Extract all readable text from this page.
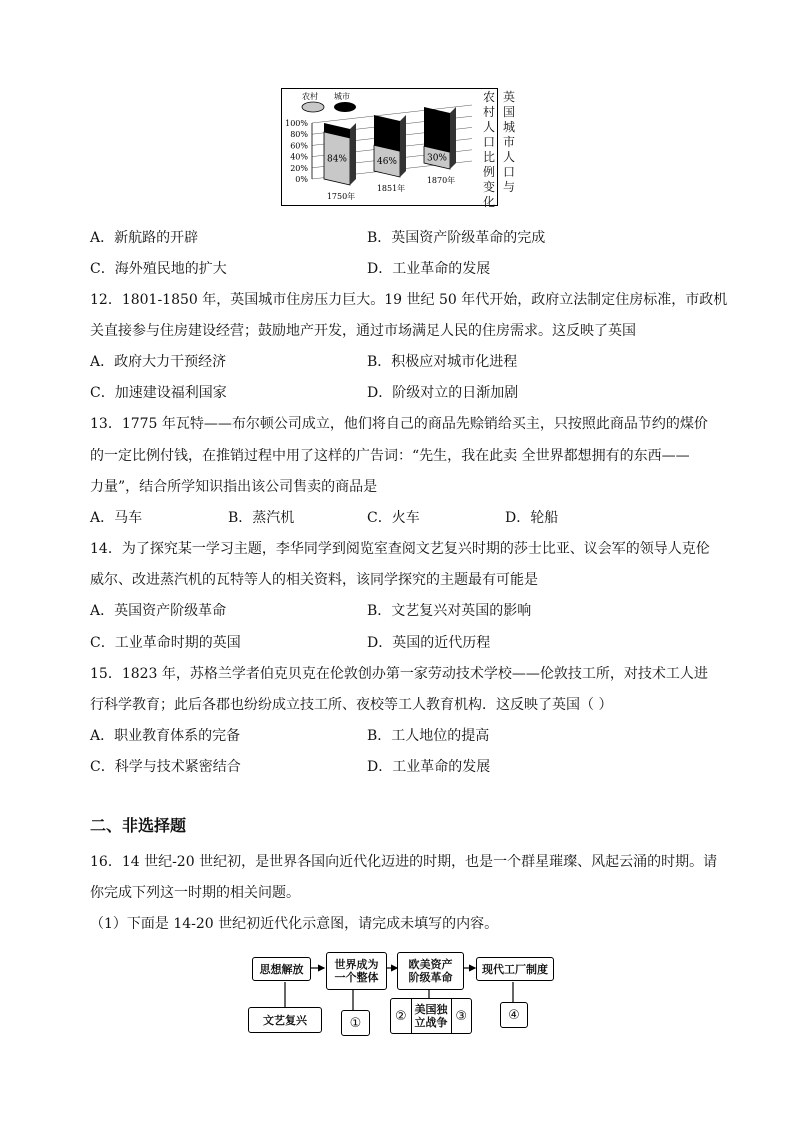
农村 城市
100%
80%
60%
40%
20%
0%
84%
1750年
46%
1851年
30%
1870年
英国城市人口与
农村人口比例变化
A．新航路的开辟	B．英国资产阶级革命的完成
C．海外殖民地的扩大	D．工业革命的发展
12．1801-1850 年，英国城市住房压力巨大。19 世纪 50 年代开始，政府立法制定住房标准，市政机
关直接参与住房建设经营；鼓励地产开发，通过市场满足人民的住房需求。这反映了英国
A．政府大力干预经济	B．积极应对城市化进程
C．加速建设福利国家	D．阶级对立的日渐加剧
13．1775 年瓦特——布尔顿公司成立，他们将自己的商品先赊销给买主，只按照此商品节约的煤价
的一定比例付钱，在推销过程中用了这样的广告词：“先生，我在此卖 全世界都想拥有的东西——
力量”，结合所学知识指出该公司售卖的商品是
A．马车	B．蒸汽机	C．火车	D．轮船
14．为了探究某一学习主题，李华同学到阅览室查阅文艺复兴时期的莎士比亚、议会军的领导人克伦
威尔、改进蒸汽机的瓦特等人的相关资料，该同学探究的主题最有可能是
A．英国资产阶级革命	B．文艺复兴对英国的影响
C．工业革命时期的英国	D．英国的近代历程
15．1823 年，苏格兰学者伯克贝克在伦敦创办第一家劳动技术学校——伦敦技工所，对技术工人进
行科学教育；此后各郡也纷纷成立技工所、夜校等工人教育机构．这反映了英国（ ）
A．职业教育体系的完备	B．工人地位的提高
C．科学与技术紧密结合	D．工业革命的发展
二、非选择题
16．14 世纪-20 世纪初，是世界各国向近代化迈进的时期，也是一个群星璀璨、风起云涌的时期。请
你完成下列这一时期的相关问题。
（1）下面是 14-20 世纪初近代化示意图，请完成未填写的内容。
思想解放	世界成为
一个整体
欧美资产
阶级革命
现代工厂制度
文艺复兴	①	② 美国独
立战争 ③	④
